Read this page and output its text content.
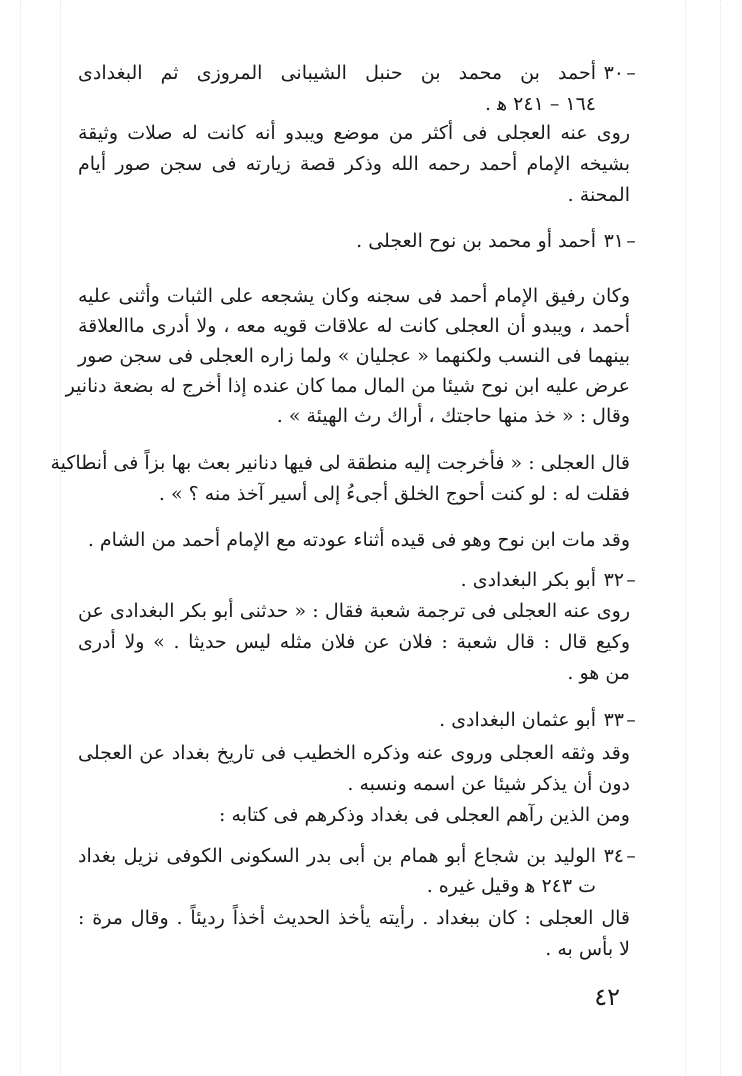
٣٠ –
أحمد بن محمد بن حنبل الشيبانى المروزى ثم البغدادى
١٦٤ – ٢٤١ ﻫ .
روى عنه العجلى فى أكثر من موضع ويبدو أنه كانت له صلات وثيقة
بشيخه الإمام أحمد رحمه الله وذكر قصة زيارته فى سجن صور أيام
المحنة .
٣١ –
أحمد أو محمد بن نوح العجلى .
وكان رفيق الإمام أحمد فى سجنه وكان يشجعه على الثبات وأثنى عليه
أحمد ، ويبدو أن العجلى كانت له علاقات قويه معه ، ولا أدرى ماالعلاقة
بينهما فى النسب ولكنهما « عجليان » ولما زاره العجلى فى سجن صور
عرض عليه ابن نوح شيئا من المال مما كان عنده إذا أخرج له بضعة دنانير
وقال : « خذ منها حاجتك ، أراك رث الهيئة » .
قال العجلى : « فأخرجت إليه منطقة لى فيها دنانير بعث بها بزاً فى أنطاكية
فقلت له : لو كنت أحوج الخلق أجىءُ إلى أسير آخذ منه ؟ » .
وقد مات ابن نوح وهو فى قيده أثناء عودته مع الإمام أحمد من الشام .
٣٢ –
أبو بكر البغدادى .
روى عنه العجلى فى ترجمة شعبة فقال : « حدثنى أبو بكر البغدادى عن
وكيع قال : قال شعبة : فلان عن فلان مثله ليس حديثا . » ولا أدرى
من هو .
٣٣ –
أبو عثمان البغدادى .
وقد وثقه العجلى وروى عنه وذكره الخطيب فى تاريخ بغداد عن العجلى
دون أن يذكر شيئا عن اسمه ونسبه .
ومن الذين رآهم العجلى فى بغداد وذكرهم فى كتابه :
٣٤ –
الوليد بن شجاع أبو همام بن أبى بدر السكونى الكوفى نزيل بغداد
ت ٢٤٣ ﻫ وقيل غيره .
قال العجلى : كان ببغداد . رأيته يأخذ الحديث أخذاً رديئاً . وقال مرة :
لا بأس به .
٤٢
